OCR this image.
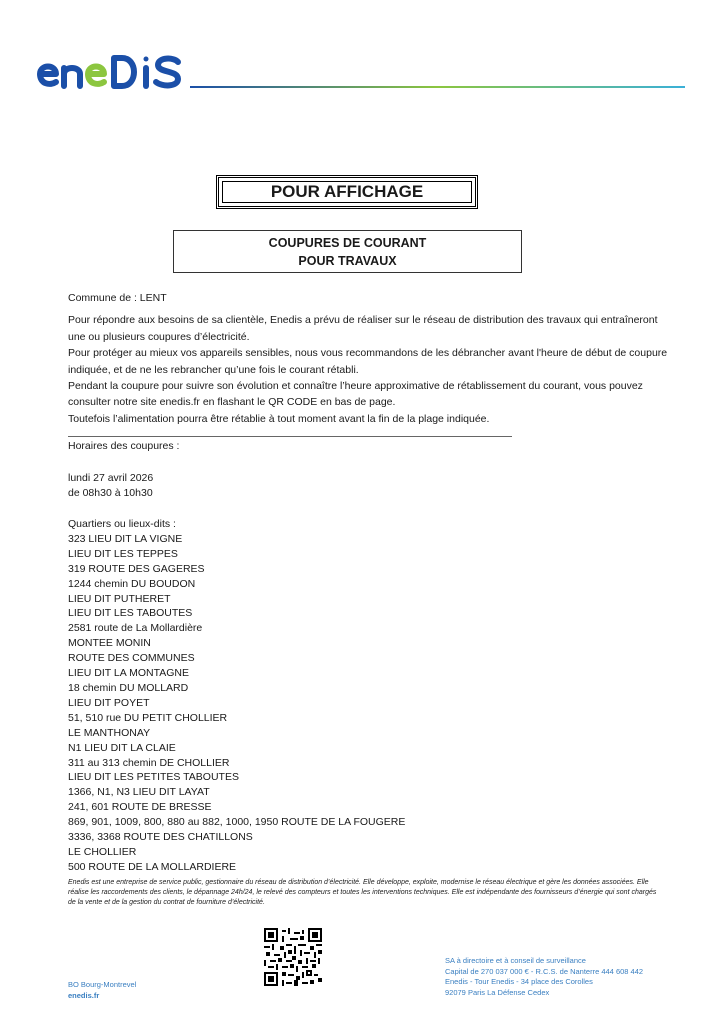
POUR AFFICHAGE
COUPURES DE COURANT
POUR TRAVAUX

Commune de : LENT

Pour répondre aux besoins de sa clientèle, Enedis a prévu de réaliser sur le réseau de distribution des travaux qui entraîneront une ou plusieurs coupures d’électricité.

Pour protéger au mieux vos appareils sensibles, nous vous recommandons de les débrancher avant l'heure de début de coupure indiquée, et de ne les rebrancher qu’une fois le courant rétabli.

Pendant la coupure pour suivre son évolution et connaître l’heure approximative de rétablissement du courant, vous pouvez consulter notre site enedis.fr en flashant le QR CODE en bas de page.

Toutefois l’alimentation pourra être rétablie à tout moment avant la fin de la plage indiquée.

Horaires des coupures :
lundi 27 avril 2026
de 08h30 à 10h30
Quartiers ou lieux-dits :
323 LIEU DIT LA VIGNE
LIEU DIT LES TEPPES
319 ROUTE DES GAGERES
1244 chemin DU BOUDON
LIEU DIT PUTHERET
LIEU DIT LES TABOUTES
2581 route de La Mollardière
MONTEE MONIN
ROUTE DES COMMUNES
LIEU DIT LA MONTAGNE
18 chemin DU MOLLARD
LIEU DIT POYET
51, 510 rue DU PETIT CHOLLIER
LE MANTHONAY
N1 LIEU DIT LA CLAIE
311 au 313 chemin DE CHOLLIER
LIEU DIT LES PETITES TABOUTES
1366, N1, N3 LIEU DIT LAYAT
241, 601 ROUTE DE BRESSE
869, 901, 1009, 800, 880 au 882, 1000, 1950 ROUTE DE LA FOUGERE
3336, 3368 ROUTE DES CHATILLONS
LE CHOLLIER
500 ROUTE DE LA MOLLARDIERE
Enedis est une entreprise de service public, gestionnaire du réseau de distribution d’électricité. Elle développe, exploite, modernise le réseau électrique et gère les données associées. Elle réalise les raccordements des clients, le dépannage 24h/24, le relevé des compteurs et toutes les interventions techniques. Elle est indépendante des fournisseurs d’énergie qui sont chargés de la vente et de la gestion du contrat de fourniture d’électricité.
BO Bourg-Montrevel
enedis.fr
SA à directoire et à conseil de surveillance
Capital de 270 037 000 € - R.C.S. de Nanterre 444 608 442
Enedis - Tour Enedis - 34 place des Corolles
92079 Paris La Défense Cedex
